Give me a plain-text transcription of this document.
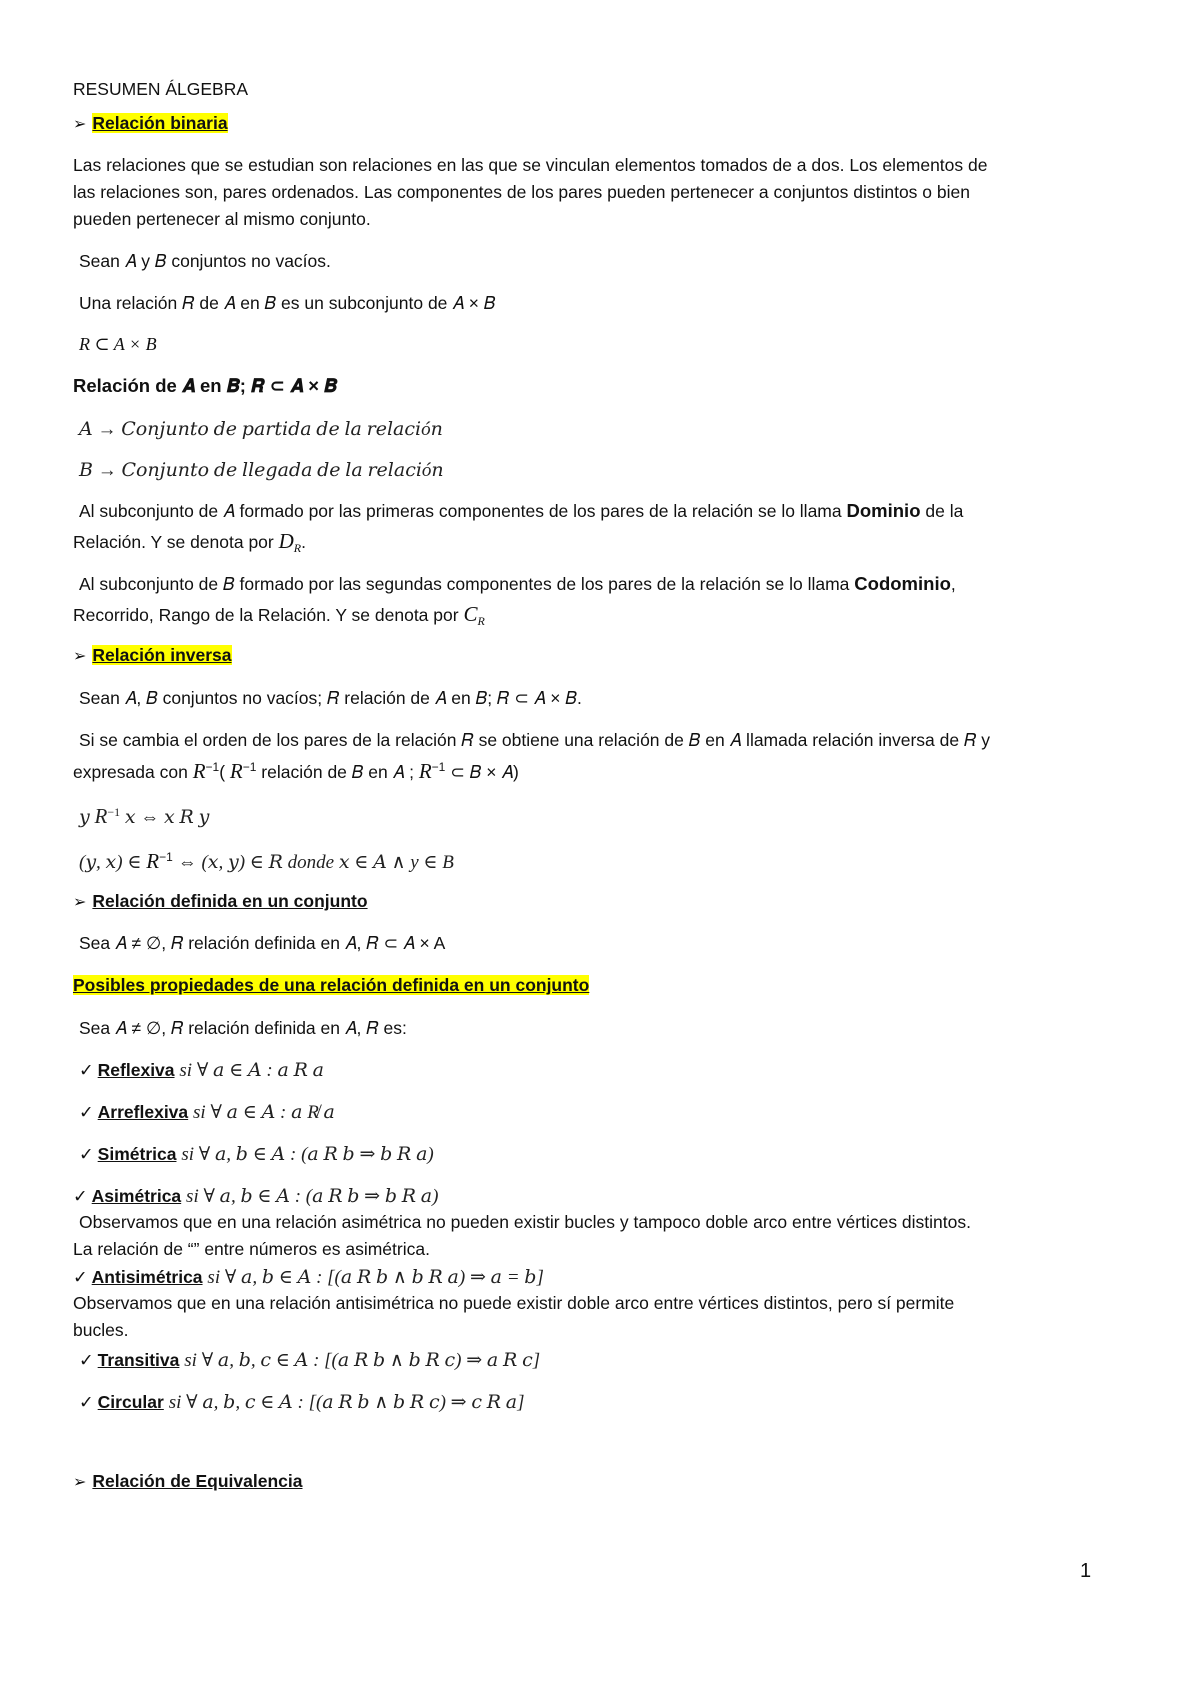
RESUMEN ÁLGEBRA

➢ Relación binaria

Las relaciones que se estudian son relaciones en las que se vinculan elementos tomados de a dos. Los elementos de

las relaciones son, pares ordenados. Las componentes de los pares pueden pertenecer a conjuntos distintos o bien

pueden pertenecer al mismo conjunto.

Sean 𝐴 y 𝐵 conjuntos no vacíos.

Una relación 𝑅 de 𝐴 en 𝐵 es un subconjunto de 𝐴 × 𝐵

R ⊂ A × B

Relación de 𝑨 en 𝑩; 𝑹 ⊂ 𝑨 × 𝑩

𝐴 → 𝐶𝑜𝑛𝑗𝑢𝑛𝑡𝑜 𝑑𝑒 𝑝𝑎𝑟𝑡𝑖𝑑𝑎 𝑑𝑒 𝑙𝑎 𝑟𝑒𝑙𝑎𝑐𝑖ó𝑛

𝐵 → 𝐶𝑜𝑛𝑗𝑢𝑛𝑡𝑜 𝑑𝑒 𝑙𝑙𝑒𝑔𝑎𝑑𝑎 𝑑𝑒 𝑙𝑎 𝑟𝑒𝑙𝑎𝑐𝑖ó𝑛

Al subconjunto de 𝐴 formado por las primeras componentes de los pares de la relación se lo llama Dominio de la

Relación. Y se denota por $D_R$.

Al subconjunto de 𝐵 formado por las segundas componentes de los pares de la relación se lo llama Codominio,

Recorrido, Rango de la Relación. Y se denota por $C_R$

➢ Relación inversa

Sean 𝐴, 𝐵 conjuntos no vacíos; 𝑅 relación de 𝐴 en 𝐵; 𝑅 ⊂ 𝐴 × 𝐵.

Si se cambia el orden de los pares de la relación 𝑅 se obtiene una relación de 𝐵 en 𝐴 llamada relación inversa de 𝑅 y

expresada con $R^{-1}$( $R^{-1}$ relación de 𝐵 en 𝐴 ; $R^{-1}$ ⊂ 𝐵 × 𝐴)

𝑦 $R^{-1}$ 𝑥 ⇔ 𝑥 𝑅 𝑦

(𝑦, 𝑥) ∈ $R^{-1}$ ⇔ (𝑥, 𝑦) ∈ 𝑅 donde 𝑥 ∈ 𝐴 ∧ y ∈ B

➢ Relación definida en un conjunto

Sea 𝐴 ≠ ∅, 𝑅 relación definida en 𝐴, 𝑅 ⊂ 𝐴 × A

Posibles propiedades de una relación definida en un conjunto

Sea 𝐴 ≠ ∅, 𝑅 relación definida en 𝐴, 𝑅 es:

✓ Reflexiva si ∀ 𝑎 ∈ 𝐴 : 𝑎 𝑅 𝑎

✓ Arreflexiva si ∀ 𝑎 ∈ 𝐴 : 𝑎 R̸ 𝑎

✓ Simétrica si ∀ 𝑎, 𝑏 ∈ 𝐴 : (𝑎 𝑅 𝑏 ⇒ 𝑏 𝑅 𝑎)

✓ Asimétrica si ∀ 𝑎, 𝑏 ∈ 𝐴 : (𝑎 𝑅 𝑏 ⇒ 𝑏 𝑅 𝑎)

Observamos que en una relación asimétrica no pueden existir bucles y tampoco doble arco entre vértices distintos.

La relación de “” entre números es asimétrica.

✓ Antisimétrica si ∀ 𝑎, 𝑏 ∈ 𝐴 : [(𝑎 𝑅 𝑏 ∧ 𝑏 𝑅 𝑎) ⇒ 𝑎 = 𝑏]

Observamos que en una relación antisimétrica no puede existir doble arco entre vértices distintos, pero sí permite

bucles.

✓ Transitiva si ∀ 𝑎, 𝑏, 𝑐 ∈ 𝐴 : [(𝑎 𝑅 𝑏 ∧ 𝑏 𝑅 𝑐) ⇒ 𝑎 𝑅 𝑐]

✓ Circular si ∀ 𝑎, 𝑏, 𝑐 ∈ 𝐴 : [(𝑎 𝑅 𝑏 ∧ 𝑏 𝑅 𝑐) ⇒ 𝑐 𝑅 𝑎]

➢ Relación de Equivalencia

1
